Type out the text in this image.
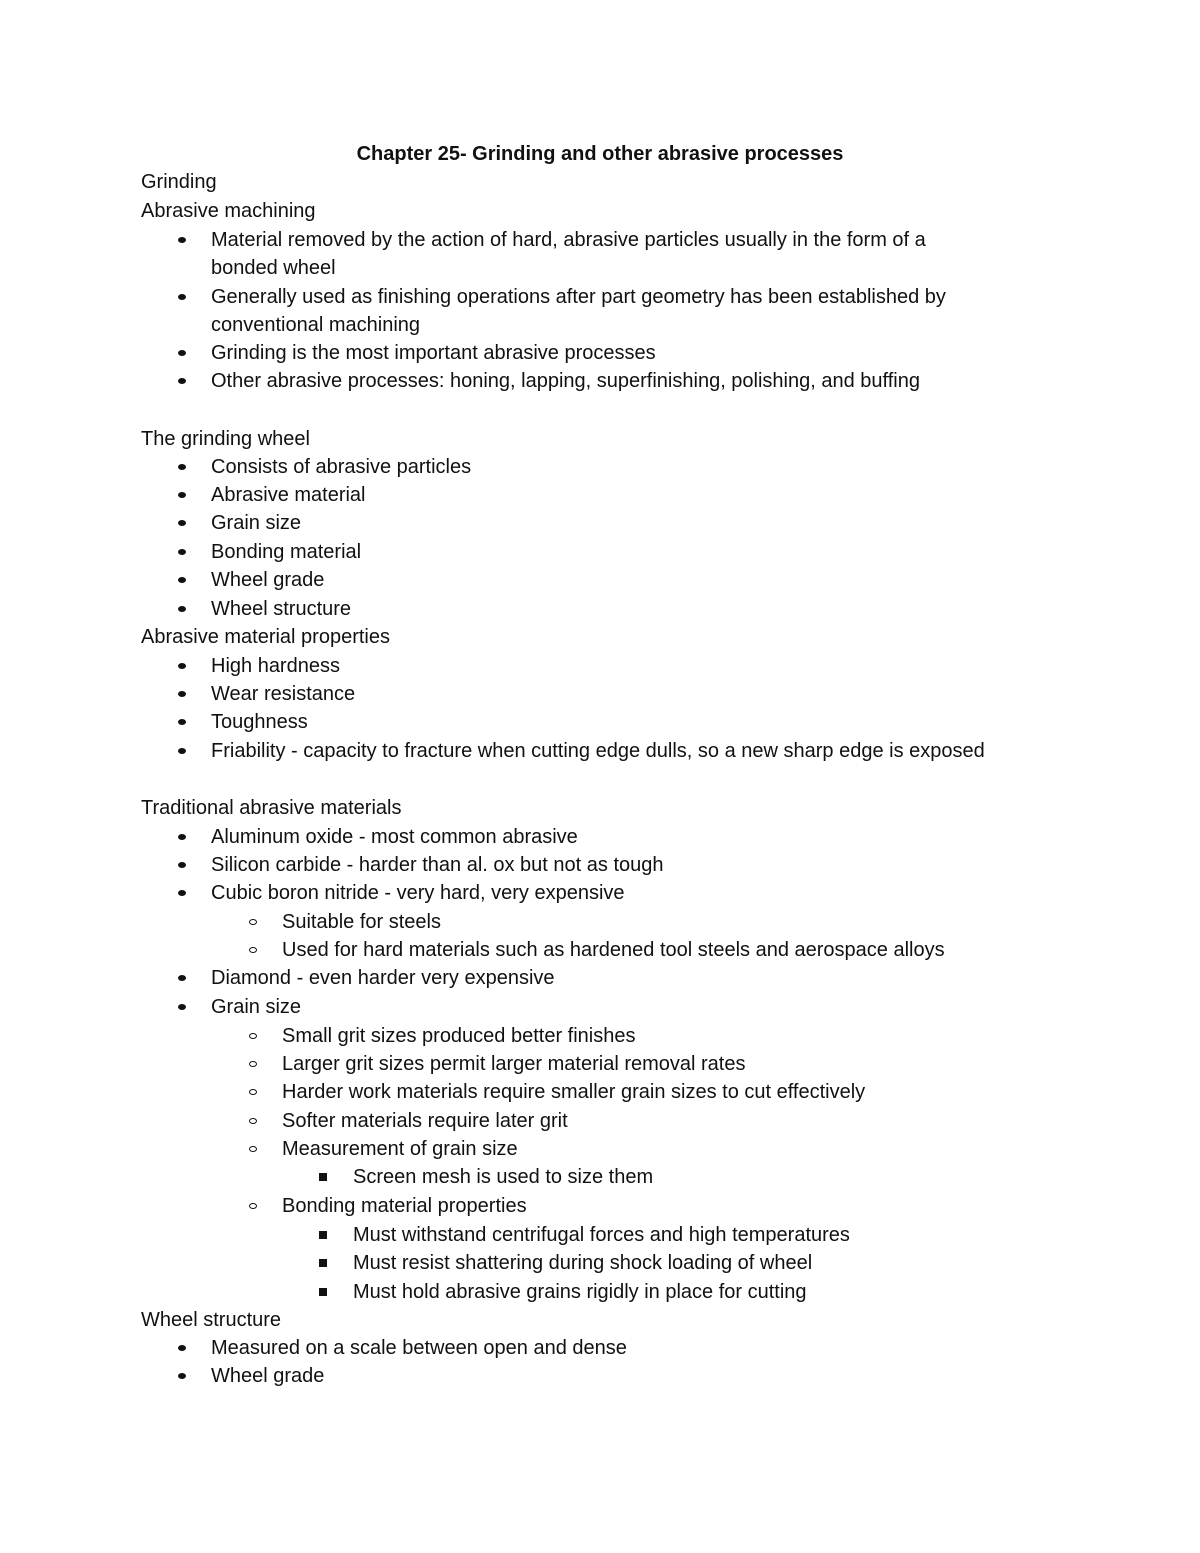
Chapter 25- Grinding and other abrasive processes
Grinding
Abrasive machining
Material removed by the action of hard, abrasive particles usually in the form of a
bonded wheel
Generally used as finishing operations after part geometry has been established by
conventional machining
Grinding is the most important abrasive processes
Other abrasive processes: honing, lapping, superfinishing, polishing, and buffing
The grinding wheel
Consists of abrasive particles
Abrasive material
Grain size
Bonding material
Wheel grade
Wheel structure
Abrasive material properties
High hardness
Wear resistance
Toughness
Friability - capacity to fracture when cutting edge dulls, so a new sharp edge is exposed
Traditional abrasive materials
Aluminum oxide - most common abrasive
Silicon carbide - harder than al. ox but not as tough
Cubic boron nitride - very hard, very expensive
Suitable for steels
Used for hard materials such as hardened tool steels and aerospace alloys
Diamond - even harder very expensive
Grain size
Small grit sizes produced better finishes
Larger grit sizes permit larger material removal rates
Harder work materials require smaller grain sizes to cut effectively
Softer materials require later grit
Measurement of grain size
Screen mesh is used to size them
Bonding material properties
Must withstand centrifugal forces and high temperatures
Must resist shattering during shock loading of wheel
Must hold abrasive grains rigidly in place for cutting
Wheel structure
Measured on a scale between open and dense
Wheel grade
